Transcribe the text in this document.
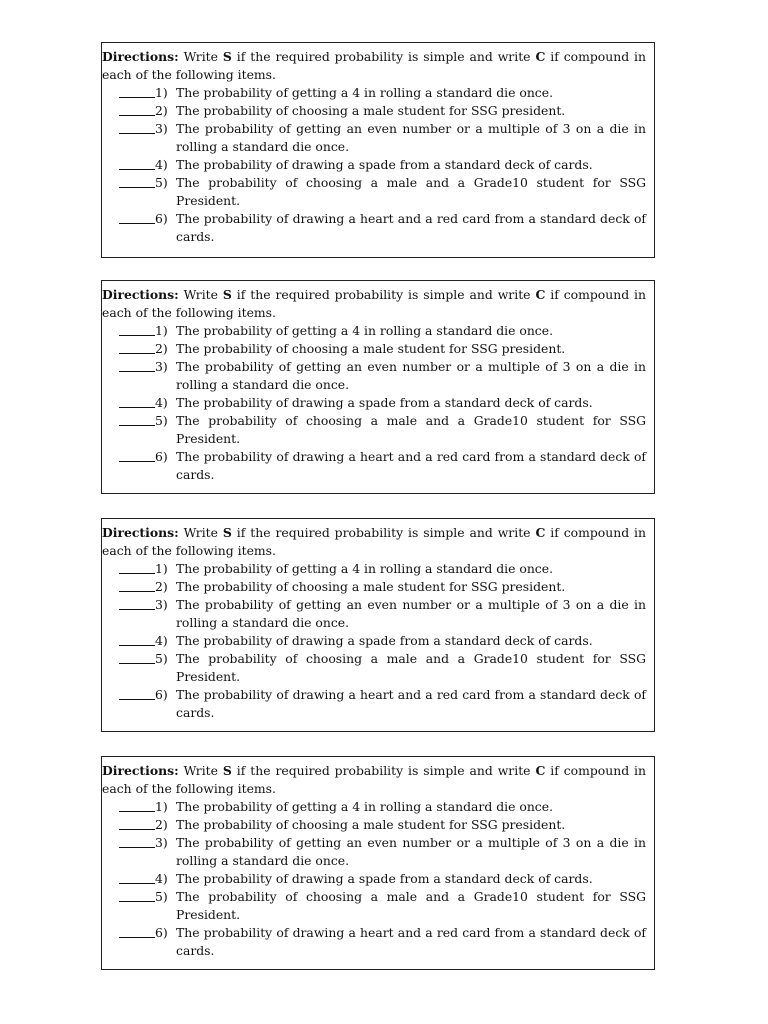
Directions: Write S if the required probability is simple and write C if compound in each of the following items.
1) The probability of getting a 4 in rolling a standard die once.
2) The probability of choosing a male student for SSG president.
3) The probability of getting an even number or a multiple of 3 on a die in rolling a standard die once.
4) The probability of drawing a spade from a standard deck of cards.
5) The probability of choosing a male and a Grade10 student for SSG President.
6) The probability of drawing a heart and a red card from a standard deck of cards.
Directions: Write S if the required probability is simple and write C if compound in each of the following items.
1) The probability of getting a 4 in rolling a standard die once.
2) The probability of choosing a male student for SSG president.
3) The probability of getting an even number or a multiple of 3 on a die in rolling a standard die once.
4) The probability of drawing a spade from a standard deck of cards.
5) The probability of choosing a male and a Grade10 student for SSG President.
6) The probability of drawing a heart and a red card from a standard deck of cards.
Directions: Write S if the required probability is simple and write C if compound in each of the following items.
1) The probability of getting a 4 in rolling a standard die once.
2) The probability of choosing a male student for SSG president.
3) The probability of getting an even number or a multiple of 3 on a die in rolling a standard die once.
4) The probability of drawing a spade from a standard deck of cards.
5) The probability of choosing a male and a Grade10 student for SSG President.
6) The probability of drawing a heart and a red card from a standard deck of cards.
Directions: Write S if the required probability is simple and write C if compound in each of the following items.
1) The probability of getting a 4 in rolling a standard die once.
2) The probability of choosing a male student for SSG president.
3) The probability of getting an even number or a multiple of 3 on a die in rolling a standard die once.
4) The probability of drawing a spade from a standard deck of cards.
5) The probability of choosing a male and a Grade10 student for SSG President.
6) The probability of drawing a heart and a red card from a standard deck of cards.
